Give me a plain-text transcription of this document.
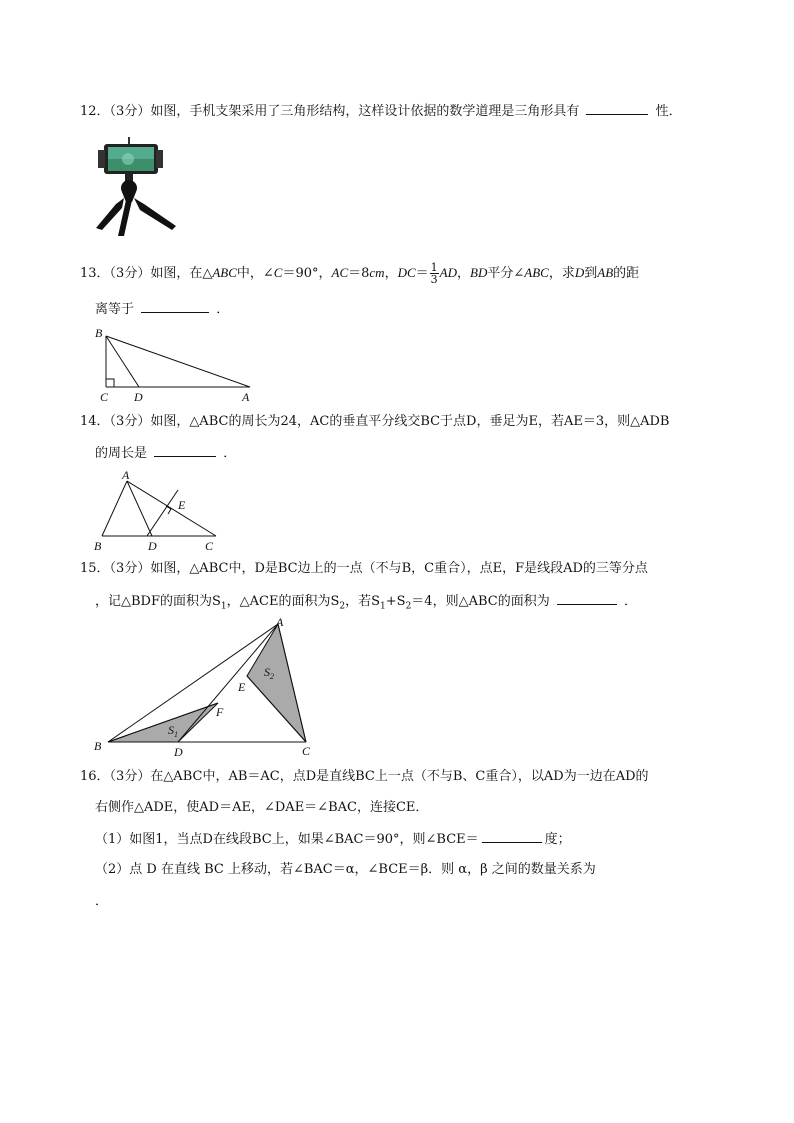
12．（3分）如图，手机支架采用了三角形结构，这样设计依据的数学道理是三角形具有	性．
13．（3分）如图，在△ABC中，∠C＝90°，AC＝8cm，$DC= \frac{1}{3}$ AD，BD平分∠ABC，求D到AB的距
离等于	．
B
C D	A
14．（3分）如图，△ABC的周长为24，AC的垂直平分线交BC于点D，垂足为E，若AE＝3，则△ADB
的周长是	．
A
E
B	D	C
15．（3分）如图，△ABC中，D是BC边上的一点（不与B，C重合），点E，F是线段AD的三等分点
，记△BDF的面积为$S_1$，△ACE的面积为$S_2$，若$S_1+S_2=4$，则△ABC的面积为	．
A
B	C
D
E
F
$S_1$
$S_2$
16．（3分）在△ABC中，AB＝AC，点D是直线BC上一点（不与B、C重合），以AD为一边在AD的
右侧作△ADE，使AD＝AE，∠DAE＝∠BAC，连接CE．
（1）如图1，当点D在线段BC上，如果∠BAC＝90°，则∠BCE＝	度；
（2）点 D 在直线 BC 上移动，若∠BAC＝α，∠BCE＝β．则 α，β 之间的数量关系为
．
